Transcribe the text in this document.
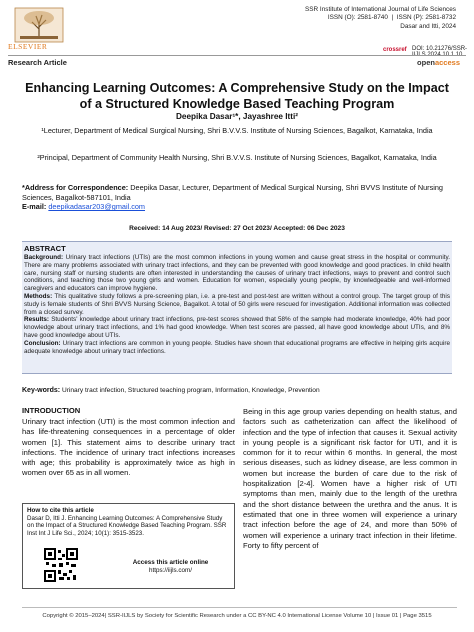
ELSEVIER
SSR Institute of International Journal of Life Sciences
ISSN (O): 2581-8740  |  ISSN (P): 2581-8732
Dasar and Itti, 2024
crossref DOI: 10.21276/SSR-
Research Article	openaccess
Enhancing Learning Outcomes: A Comprehensive Study on the Impact of a Structured Knowledge Based Teaching Program
Deepika Dasar¹*, Jayashree Itti²
¹Lecturer, Department of Medical Surgical Nursing, Shri B.V.V.S. Institute of Nursing Sciences, Bagalkot, Karnataka, India
²Principal, Department of Community Health Nursing, Shri B.V.V.S. Institute of Nursing Sciences, Bagalkot, Karnataka, India
*Address for Correspondence: Deepika Dasar, Lecturer, Department of Medical Surgical Nursing, Shri BVVS Institute of Nursing Sciences, Bagalkot-587101, India
E-mail: deepikadasar203@gmail.com
Received: 14 Aug 2023/ Revised: 27 Oct 2023/ Accepted: 06 Dec 2023
ABSTRACT

Background: Urinary tract infections (UTIs) are the most common infections in young women and cause great stress in the hospital or community. There are many problems associated with urinary tract infections, and they can be prevented with good knowledge and good practices. In child health care, nursing staff or nursing students are often interested in understanding the causes of urinary tract infections, ways to prevent and control such conditions, and teaching those two young girls and women. Education for women, especially young people, by knowledgeable and well-informed caregivers and educators can improve hygiene.

Methods: This qualitative study follows a pre-screening plan, i.e. a pre-test and post-test are written without a control group. The target group of this study is female students of Shri BVVS Nursing Science, Bagalkot. A total of 50 girls were rescued for investigation. Additional information was collected from a closed survey.

Results: Students' knowledge about urinary tract infections, pre-test scores showed that 58% of the sample had moderate knowledge, 40% had poor knowledge about urinary tract infections, and 1% had good knowledge. When test scores are passed, all have good knowledge about UTIs, and 8% have good knowledge about UTIs.

Conclusion: Urinary tract infections are common in young people. Studies have shown that educational programs are effective in helping girls acquire adequate knowledge about urinary tract infections.

Key-words: Urinary tract infection, Structured teaching program, Information, Knowledge, Prevention
INTRODUCTION
Urinary tract infection (UTI) is the most common infection and has life-threatening consequences in a percentage of older women [1]. This statement aims to describe urinary tract infections. The incidence of urinary tract infections increases with age; this probability is approximately twice as high in women over 65 as in all women.
Being in this age group varies depending on health status, and factors such as catheterization can affect the likelihood of infection and the type of infection that causes it. Sexual activity in young people is a significant risk factor for UTI, and it is common for it to recur within 6 months. In general, the most serious diseases, such as kidney disease, are less common in women but increase the burden of care due to the risk of hospitalization [2-4]. Women have a higher risk of UTI symptoms than men, mainly due to the length of the urethra and the short distance between the urethra and the anus. It is estimated that one in three women will experience a urinary tract infection before the age of 24, and more than 50% of women will experience a urinary tract infection in their lifetime. Forty to fifty percent of
How to cite this article
Dasar D, Itti J. Enhancing Learning Outcomes: A Comprehensive Study on the Impact of a Structured Knowledge Based Teaching Program. SSR Inst Int J Life Sci., 2024; 10(1): 3515-3523.
Access this article online
https://iijls.com/
Copyright © 2015–2024| SSR-IIJLS by Society for Scientific Research under a CC BY-NC 4.0 International License Volume 10 | Issue 01 | Page 3515
